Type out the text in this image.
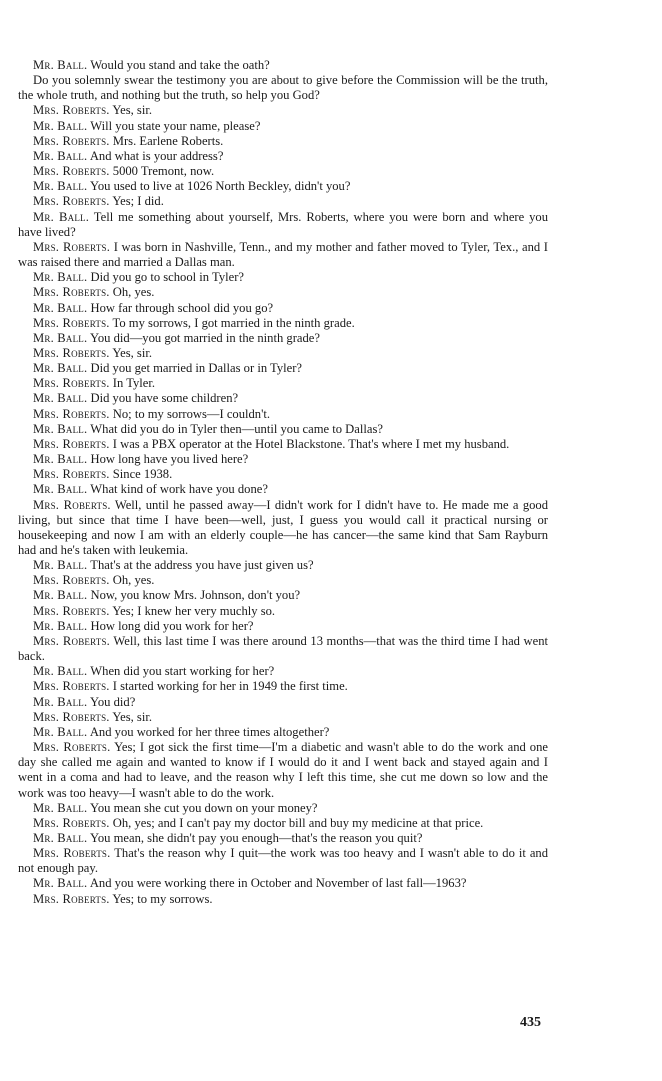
Mr. Ball. Would you stand and take the oath?

Do you solemnly swear the testimony you are about to give before the Commission will be the truth, the whole truth, and nothing but the truth, so help you God?

Mrs. Roberts. Yes, sir.

Mr. Ball. Will you state your name, please?

Mrs. Roberts. Mrs. Earlene Roberts.

Mr. Ball. And what is your address?

Mrs. Roberts. 5000 Tremont, now.

Mr. Ball. You used to live at 1026 North Beckley, didn't you?

Mrs. Roberts. Yes; I did.

Mr. Ball. Tell me something about yourself, Mrs. Roberts, where you were born and where you have lived?

Mrs. Roberts. I was born in Nashville, Tenn., and my mother and father moved to Tyler, Tex., and I was raised there and married a Dallas man.

Mr. Ball. Did you go to school in Tyler?

Mrs. Roberts. Oh, yes.

Mr. Ball. How far through school did you go?

Mrs. Roberts. To my sorrows, I got married in the ninth grade.

Mr. Ball. You did—you got married in the ninth grade?

Mrs. Roberts. Yes, sir.

Mr. Ball. Did you get married in Dallas or in Tyler?

Mrs. Roberts. In Tyler.

Mr. Ball. Did you have some children?

Mrs. Roberts. No; to my sorrows—I couldn't.

Mr. Ball. What did you do in Tyler then—until you came to Dallas?

Mrs. Roberts. I was a PBX operator at the Hotel Blackstone. That's where I met my husband.

Mr. Ball. How long have you lived here?

Mrs. Roberts. Since 1938.

Mr. Ball. What kind of work have you done?

Mrs. Roberts. Well, until he passed away—I didn't work for I didn't have to. He made me a good living, but since that time I have been—well, just, I guess you would call it practical nursing or housekeeping and now I am with an elderly couple—he has cancer—the same kind that Sam Rayburn had and he's taken with leukemia.

Mr. Ball. That's at the address you have just given us?

Mrs. Roberts. Oh, yes.

Mr. Ball. Now, you know Mrs. Johnson, don't you?

Mrs. Roberts. Yes; I knew her very muchly so.

Mr. Ball. How long did you work for her?

Mrs. Roberts. Well, this last time I was there around 13 months—that was the third time I had went back.

Mr. Ball. When did you start working for her?

Mrs. Roberts. I started working for her in 1949 the first time.

Mr. Ball. You did?

Mrs. Roberts. Yes, sir.

Mr. Ball. And you worked for her three times altogether?

Mrs. Roberts. Yes; I got sick the first time—I'm a diabetic and wasn't able to do the work and one day she called me again and wanted to know if I would do it and I went back and stayed again and I went in a coma and had to leave, and the reason why I left this time, she cut me down so low and the work was too heavy—I wasn't able to do the work.

Mr. Ball. You mean she cut you down on your money?

Mrs. Roberts. Oh, yes; and I can't pay my doctor bill and buy my medicine at that price.

Mr. Ball. You mean, she didn't pay you enough—that's the reason you quit?

Mrs. Roberts. That's the reason why I quit—the work was too heavy and I wasn't able to do it and not enough pay.

Mr. Ball. And you were working there in October and November of last fall—1963?

Mrs. Roberts. Yes; to my sorrows.

435
